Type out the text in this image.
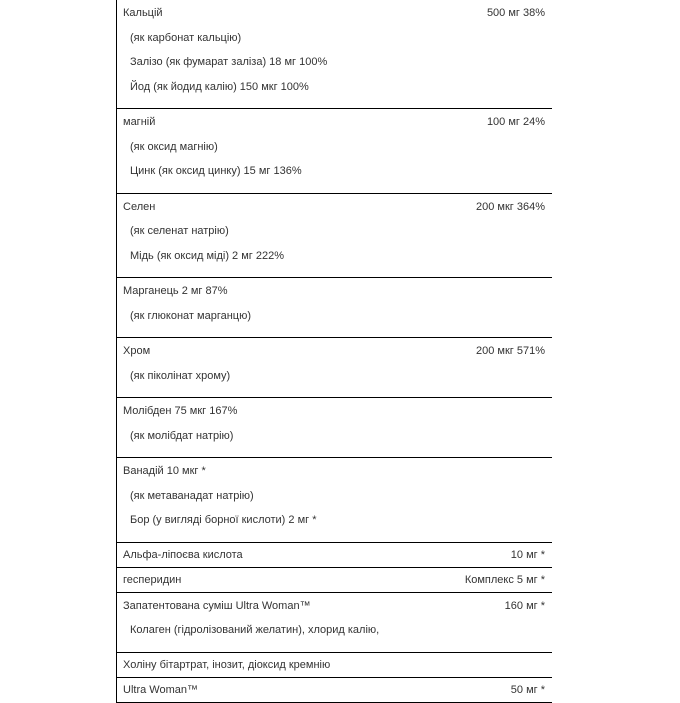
Кальцій	500 мг 38%
(як карбонат кальцію)
Залізо (як фумарат заліза) 18 мг 100%
Йод (як йодид калію) 150 мкг 100%
магній	100 мг 24%
(як оксид магнію)
Цинк (як оксид цинку) 15 мг 136%
Селен	200 мкг 364%
(як селенат натрію)
Мідь (як оксид міді) 2 мг 222%
Марганець 2 мг 87%
(як глюконат марганцю)
Хром	200 мкг 571%
(як піколінат хрому)
Молібден 75 мкг 167%
(як молібдат натрію)
Ванадій 10 мкг *
(як метаванадат натрію)
Бор (у вигляді борної кислоти) 2 мг *
Альфа-ліпоєва кислота	10 мг *
гесперидин	Комплекс 5 мг *
Запатентована суміш Ultra Woman™	160 мг *
Колаген (гідролізований желатин), хлорид калію,
Холіну бітартрат, інозит, діоксид кремнію
Ultra Woman™	50 мг *
